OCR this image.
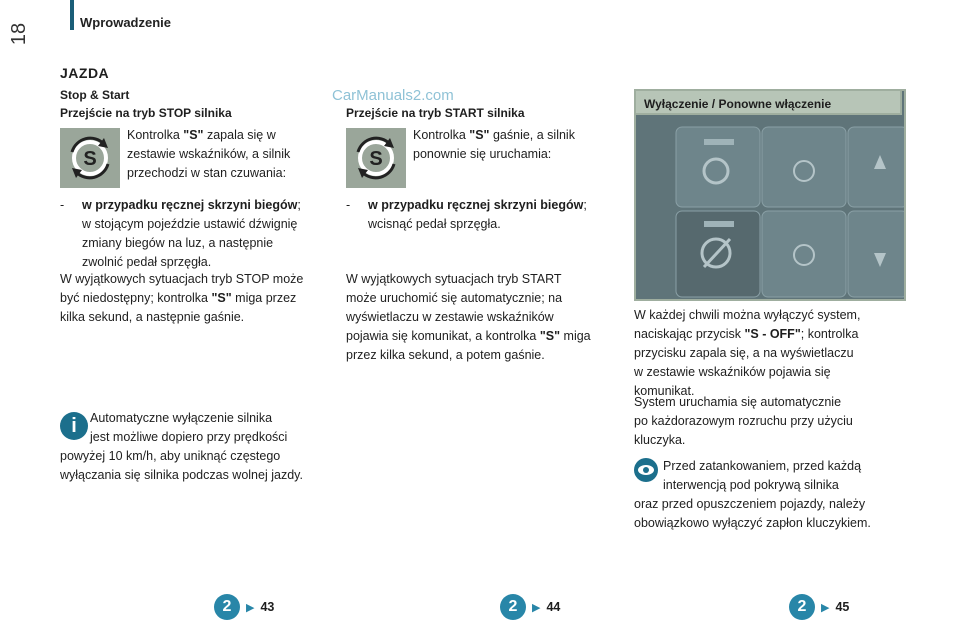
18
Wprowadzenie
JAZDA
CarManuals2.com
Stop & Start
Przejście na tryb STOP silnika
S
Kontrolka "S" zapala się w
zestawie wskaźników, a silnik
przechodzi w stan czuwania:
- w przypadku ręcznej skrzyni biegów;
w stojącym pojeździe ustawić dźwignię
zmiany biegów na luz, a następnie
zwolnić pedał sprzęgła.
W wyjątkowych sytuacjach tryb STOP może
być niedostępny; kontrolka "S" miga przez
kilka sekund, a następnie gaśnie.
i	Automatyczne wyłączenie silnika
jest możliwe dopiero przy prędkości
powyżej 10 km/h, aby uniknąć częstego
wyłączania się silnika podczas wolnej jazdy.
Przejście na tryb START silnika
S
Kontrolka "S" gaśnie, a silnik
ponownie się uruchamia:
- w przypadku ręcznej skrzyni biegów;
wcisnąć pedał sprzęgła.
W wyjątkowych sytuacjach tryb START
może uruchomić się automatycznie; na
wyświetlaczu w zestawie wskaźników
pojawia się komunikat, a kontrolka "S" miga
przez kilka sekund, a potem gaśnie.
Wyłączenie / Ponowne włączenie
W każdej chwili można wyłączyć system,
naciskając przycisk "S - OFF"; kontrolka
przycisku zapala się, a na wyświetlaczu
w zestawie wskaźników pojawia się
komunikat.
System uruchamia się automatycznie
po każdorazowym rozruchu przy użyciu
kluczyka.
Przed zatankowaniem, przed każdą
interwencją pod pokrywą silnika
oraz przed opuszczeniem pojazdy, należy
obowiązkowo wyłączyć zapłon kluczykiem.
2	▶ 43	2	▶ 44	2	▶ 45
